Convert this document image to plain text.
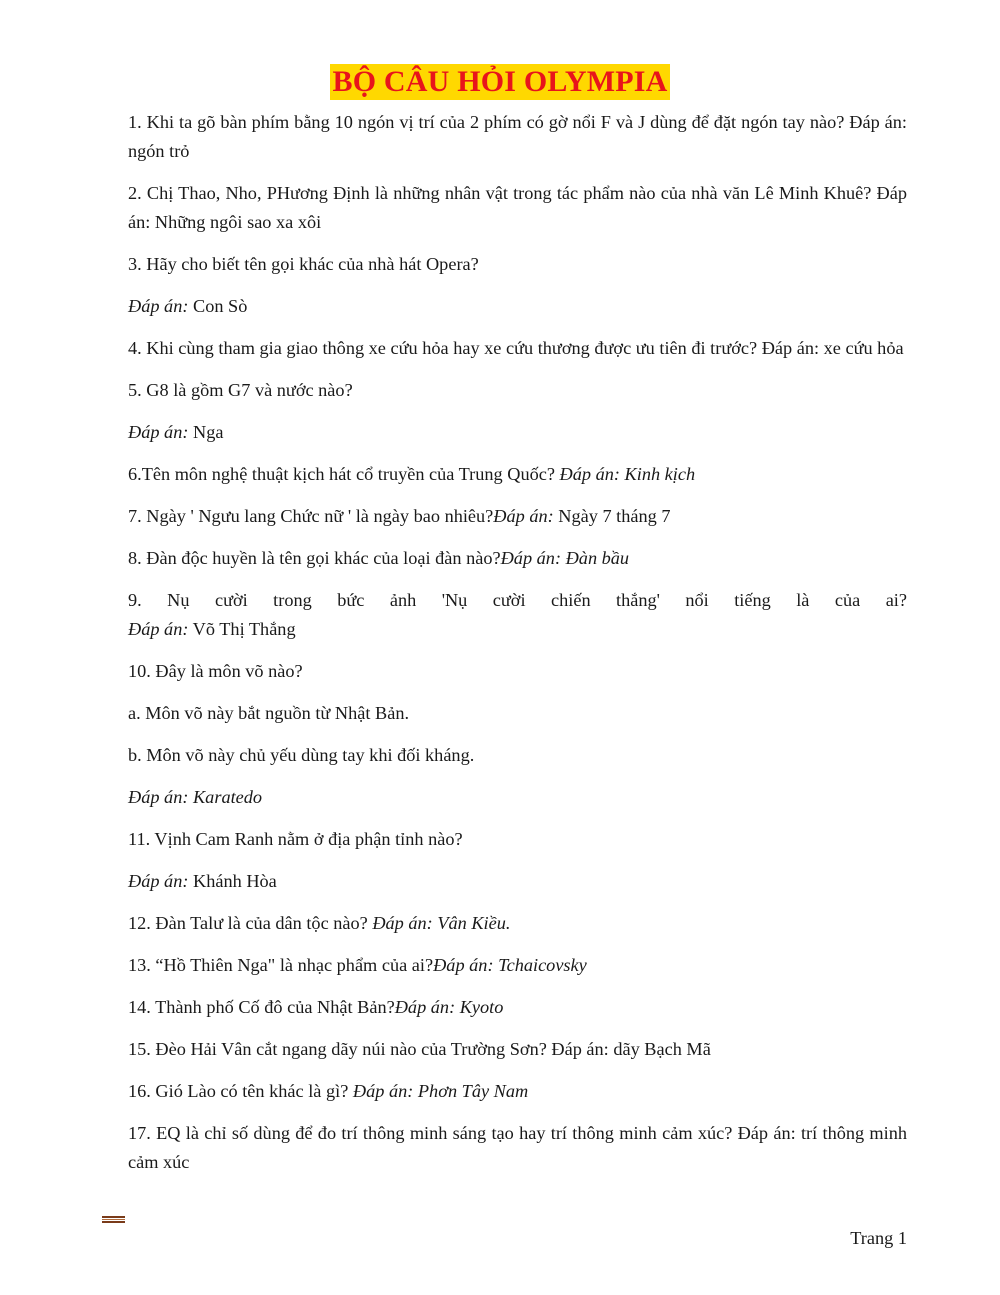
BỘ CÂU HỎI OLYMPIA

1. Khi ta gõ bàn phím bằng 10 ngón vị trí của 2 phím có gờ nổi F và J dùng để đặt ngón tay nào? Đáp án: ngón trỏ

2. Chị Thao, Nho, PHương Định là những nhân vật trong tác phẩm nào của nhà văn Lê Minh Khuê? Đáp án: Những ngôi sao xa xôi

3. Hãy cho biết tên gọi khác của nhà hát Opera?

Đáp án: Con Sò

4. Khi cùng tham gia giao thông xe cứu hỏa hay xe cứu thương được ưu tiên đi trước? Đáp án: xe cứu hỏa

5. G8 là gồm G7 và nước nào?

Đáp án: Nga

6.Tên môn nghệ thuật kịch hát cổ truyền của Trung Quốc? Đáp án: Kinh kịch

7. Ngày ' Ngưu lang Chức nữ ' là ngày bao nhiêu?Đáp án: Ngày 7 tháng 7

8. Đàn độc huyền là tên gọi khác của loại đàn nào?Đáp án: Đàn bầu

9. Nụ cười trong bức ảnh 'Nụ cười chiến thắng' nổi tiếng là của ai?
Đáp án: Võ Thị Thắng

10. Đây là môn võ nào?

a. Môn võ này bắt nguồn từ Nhật Bản.

b. Môn võ này chủ yếu dùng tay khi đối kháng.

Đáp án: Karatedo

11. Vịnh Cam Ranh nằm ở địa phận tỉnh nào?

Đáp án: Khánh Hòa

12. Đàn Talư là của dân tộc nào? Đáp án: Vân Kiều.

13. “Hồ Thiên Nga" là nhạc phẩm của ai?Đáp án: Tchaicovsky

14. Thành phố Cố đô của Nhật Bản?Đáp án: Kyoto

15. Đèo Hải Vân cắt ngang dãy núi nào của Trường Sơn? Đáp án: dãy Bạch Mã

16. Gió Lào có tên khác là gì? Đáp án: Phơn Tây Nam

17. EQ là chỉ số dùng để đo trí thông minh sáng tạo hay trí thông minh cảm xúc? Đáp án: trí thông minh cảm xúc

Trang 1
